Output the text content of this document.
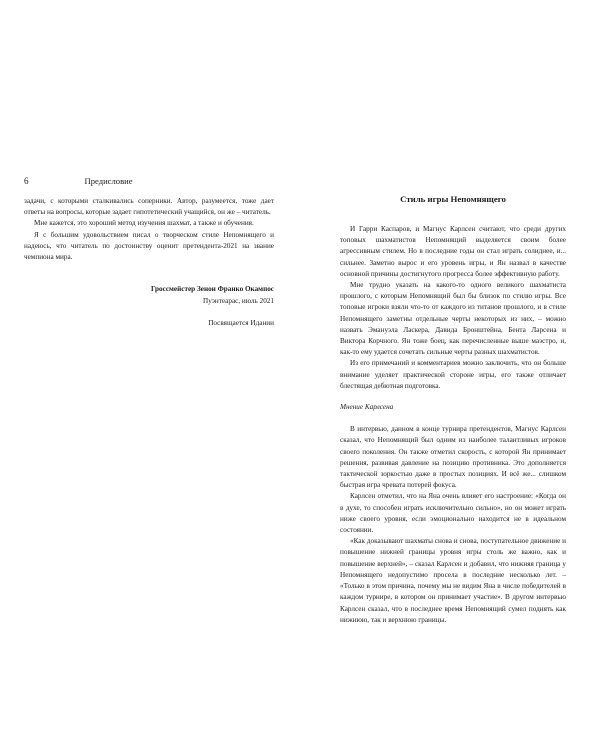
6	Предисловие

задачи, с которыми сталкивались соперники. Автор, разумеется, тоже дает ответы на вопросы, которые задает гипотетический учащийся, он же – читатель.

Мне кажется, это хороший метод изучения шахмат, а также и обучения.

Я с большим удовольствием писал о творческом стиле Непомнящего и надеюсь, что читатель по достоинству оценит претендента-2021 на звание чемпиона мира.

Гроссмейстер Зенон Франко Окампос
Пуэнтеарас, июль 2021
Посвящается Идании
Стиль игры Непомнящего

И Гарри Каспаров, и Магнус Карлсен считают, что среди других топовых шахматистов Непомнящий выделяется своим более агрессивным стилем. Но в последние годы он стал играть солиднее, и... сильнее. Заметно вырос и его уровень игры, и Ян назвал в качестве основной причины достигнутого прогресса более эффективную работу.

Мне трудно указать на какого-то одного великого шахматиста прошлого, с которым Непомнящий был бы близок по стилю игры. Все топовые игроки взяли что-то от каждого из титанов прошлого, и в стиле Непомнящего заметны отдельные черты некоторых из них, – можно назвать Эмануэла Ласкера, Давида Бронштейна, Бента Ларсена и Виктора Корчного. Ян тоже боец, как перечисленные выше маэстро, и, как-то ему удается сочетать сильные черты разных шахматистов.

Из его примечаний и комментариев можно заключить, что он больше внимание уделяет практической стороне игры, его также отличает блестящая дебютная подготовка.

Мнение Карлсена

В интервью, данном в конце турнира претендентов, Магнус Карлсен сказал, что Непомнящий был одним из наиболее талантливых игроков своего поколения. Он также отметил скорость, с которой Ян принимает решения, развивая давление на позицию противника. Это дополняется тактической зоркостью даже в простых позициях. И всё же... слишком быстрая игра чревата потерей фокуса.

Карлсен отметил, что на Яна очень влияет его настроение: «Когда он в духе, то способен играть исключительно сильно», но он может играть ниже своего уровня, если эмоционально находится не в идеальном состоянии.

«Как доказывают шахматы снова и снова, поступательное движение и повышение нижней границы уровня игры столь же важно, как и повышение верхней», – сказал Карлсен и добавил, что нижняя граница у Непомнящего недопустимо просела в последние несколько лет. – «Только в этом причина, почему мы не видим Яна в числе победителей в каждом турнире, в котором он принимает участие». В другом интервью Карлсен сказал, что в последнее время Непомнящий сумел поднять как нижнюю, так и верхнюю границы.
